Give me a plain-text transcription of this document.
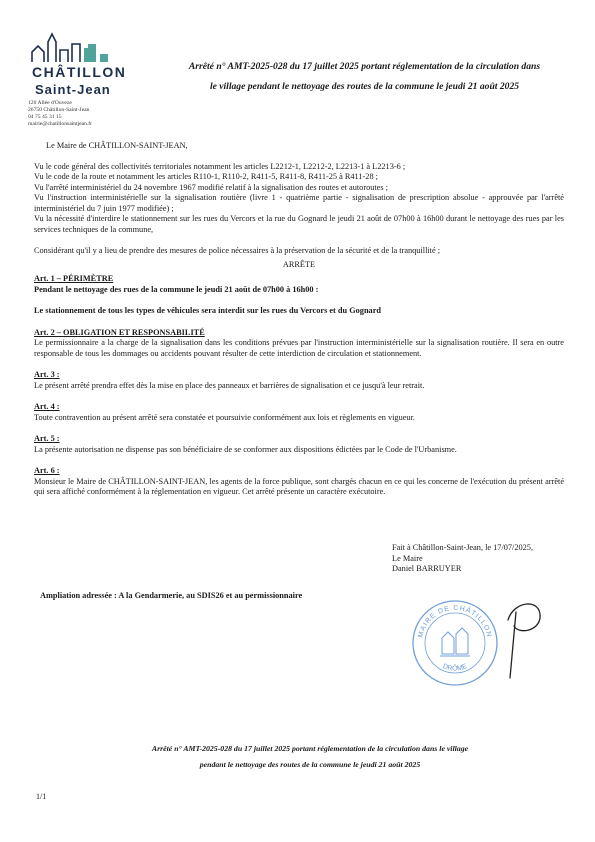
CHÂTILLON
Saint-Jean
120 Allée d'Ouveze
26750 Châtillon-Saint-Jean
04 75 45 31 15
mairie@chatillonsaintjean.fr
Arrêté n° AMT-2025-028 du 17 juillet 2025 portant réglementation de la circulation dans
le village pendant le nettoyage des routes de la commune le jeudi 21 août 2025

Le Maire de CHÂTILLON-SAINT-JEAN,

Vu le code général des collectivités territoriales notamment les articles L2212-1, L2212-2, L2213-1 à L2213-6 ;

Vu le code de la route et notamment les articles R110-1, R110-2, R411-5, R411-8, R411-25 à R411-28 ;

Vu l'arrêté interministériel du 24 novembre 1967 modifié relatif à la signalisation des routes et autoroutes ;

Vu l'instruction interministérielle sur la signalisation routière (livre 1 - quatrième partie - signalisation de prescription absolue - approuvée par l'arrêté interministériel du 7 juin 1977 modifiée) ;

Vu la nécessité d'interdire le stationnement sur les rues du Vercors et la rue du Gognard le jeudi 21 août de 07h00 à 16h00 durant le nettoyage des rues par les services techniques de la commune,

Considérant qu'il y a lieu de prendre des mesures de police nécessaires à la préservation de la sécurité et de la tranquillité ;

ARRÊTE

Art. 1 – PÉRIMÈTRE

Pendant le nettoyage des rues de la commune le jeudi 21 août de 07h00 à 16h00 :

Le stationnement de tous les types de véhicules sera interdit sur les rues du Vercors et du Gognard

Art. 2 – OBLIGATION ET RESPONSABILITÉ

Le permissionnaire a la charge de la signalisation dans les conditions prévues par l'instruction interministérielle sur la signalisation routière. Il sera en outre responsable de tous les dommages ou accidents pouvant résulter de cette interdiction de circulation et stationnement.

Art. 3 :

Le présent arrêté prendra effet dès la mise en place des panneaux et barrières de signalisation et ce jusqu'à leur retrait.

Art. 4 :

Toute contravention au présent arrêté sera constatée et poursuivie conformément aux lois et règlements en vigueur.

Art. 5 :

La présente autorisation ne dispense pas son bénéficiaire de se conformer aux dispositions édictées par le Code de l'Urbanisme.

Art. 6 :

Monsieur le Maire de CHÂTILLON-SAINT-JEAN, les agents de la force publique, sont chargés chacun en ce qui les concerne de l'exécution du présent arrêté qui sera affiché conformément à la réglementation en vigueur. Cet arrêté présente un caractère exécutoire.

Fait à Châtillon-Saint-Jean, le 17/07/2025,
Le Maire
Daniel BARRUYER
Ampliation adressée : A la Gendarmerie, au SDIS26 et au permissionnaire
MAIRE DE CHÂTILLON
DRÔME
Arrêté n° AMT-2025-028 du 17 juillet 2025 portant réglementation de la circulation dans le village
pendant le nettoyage des routes de la commune le jeudi 21 août 2025
1/1
